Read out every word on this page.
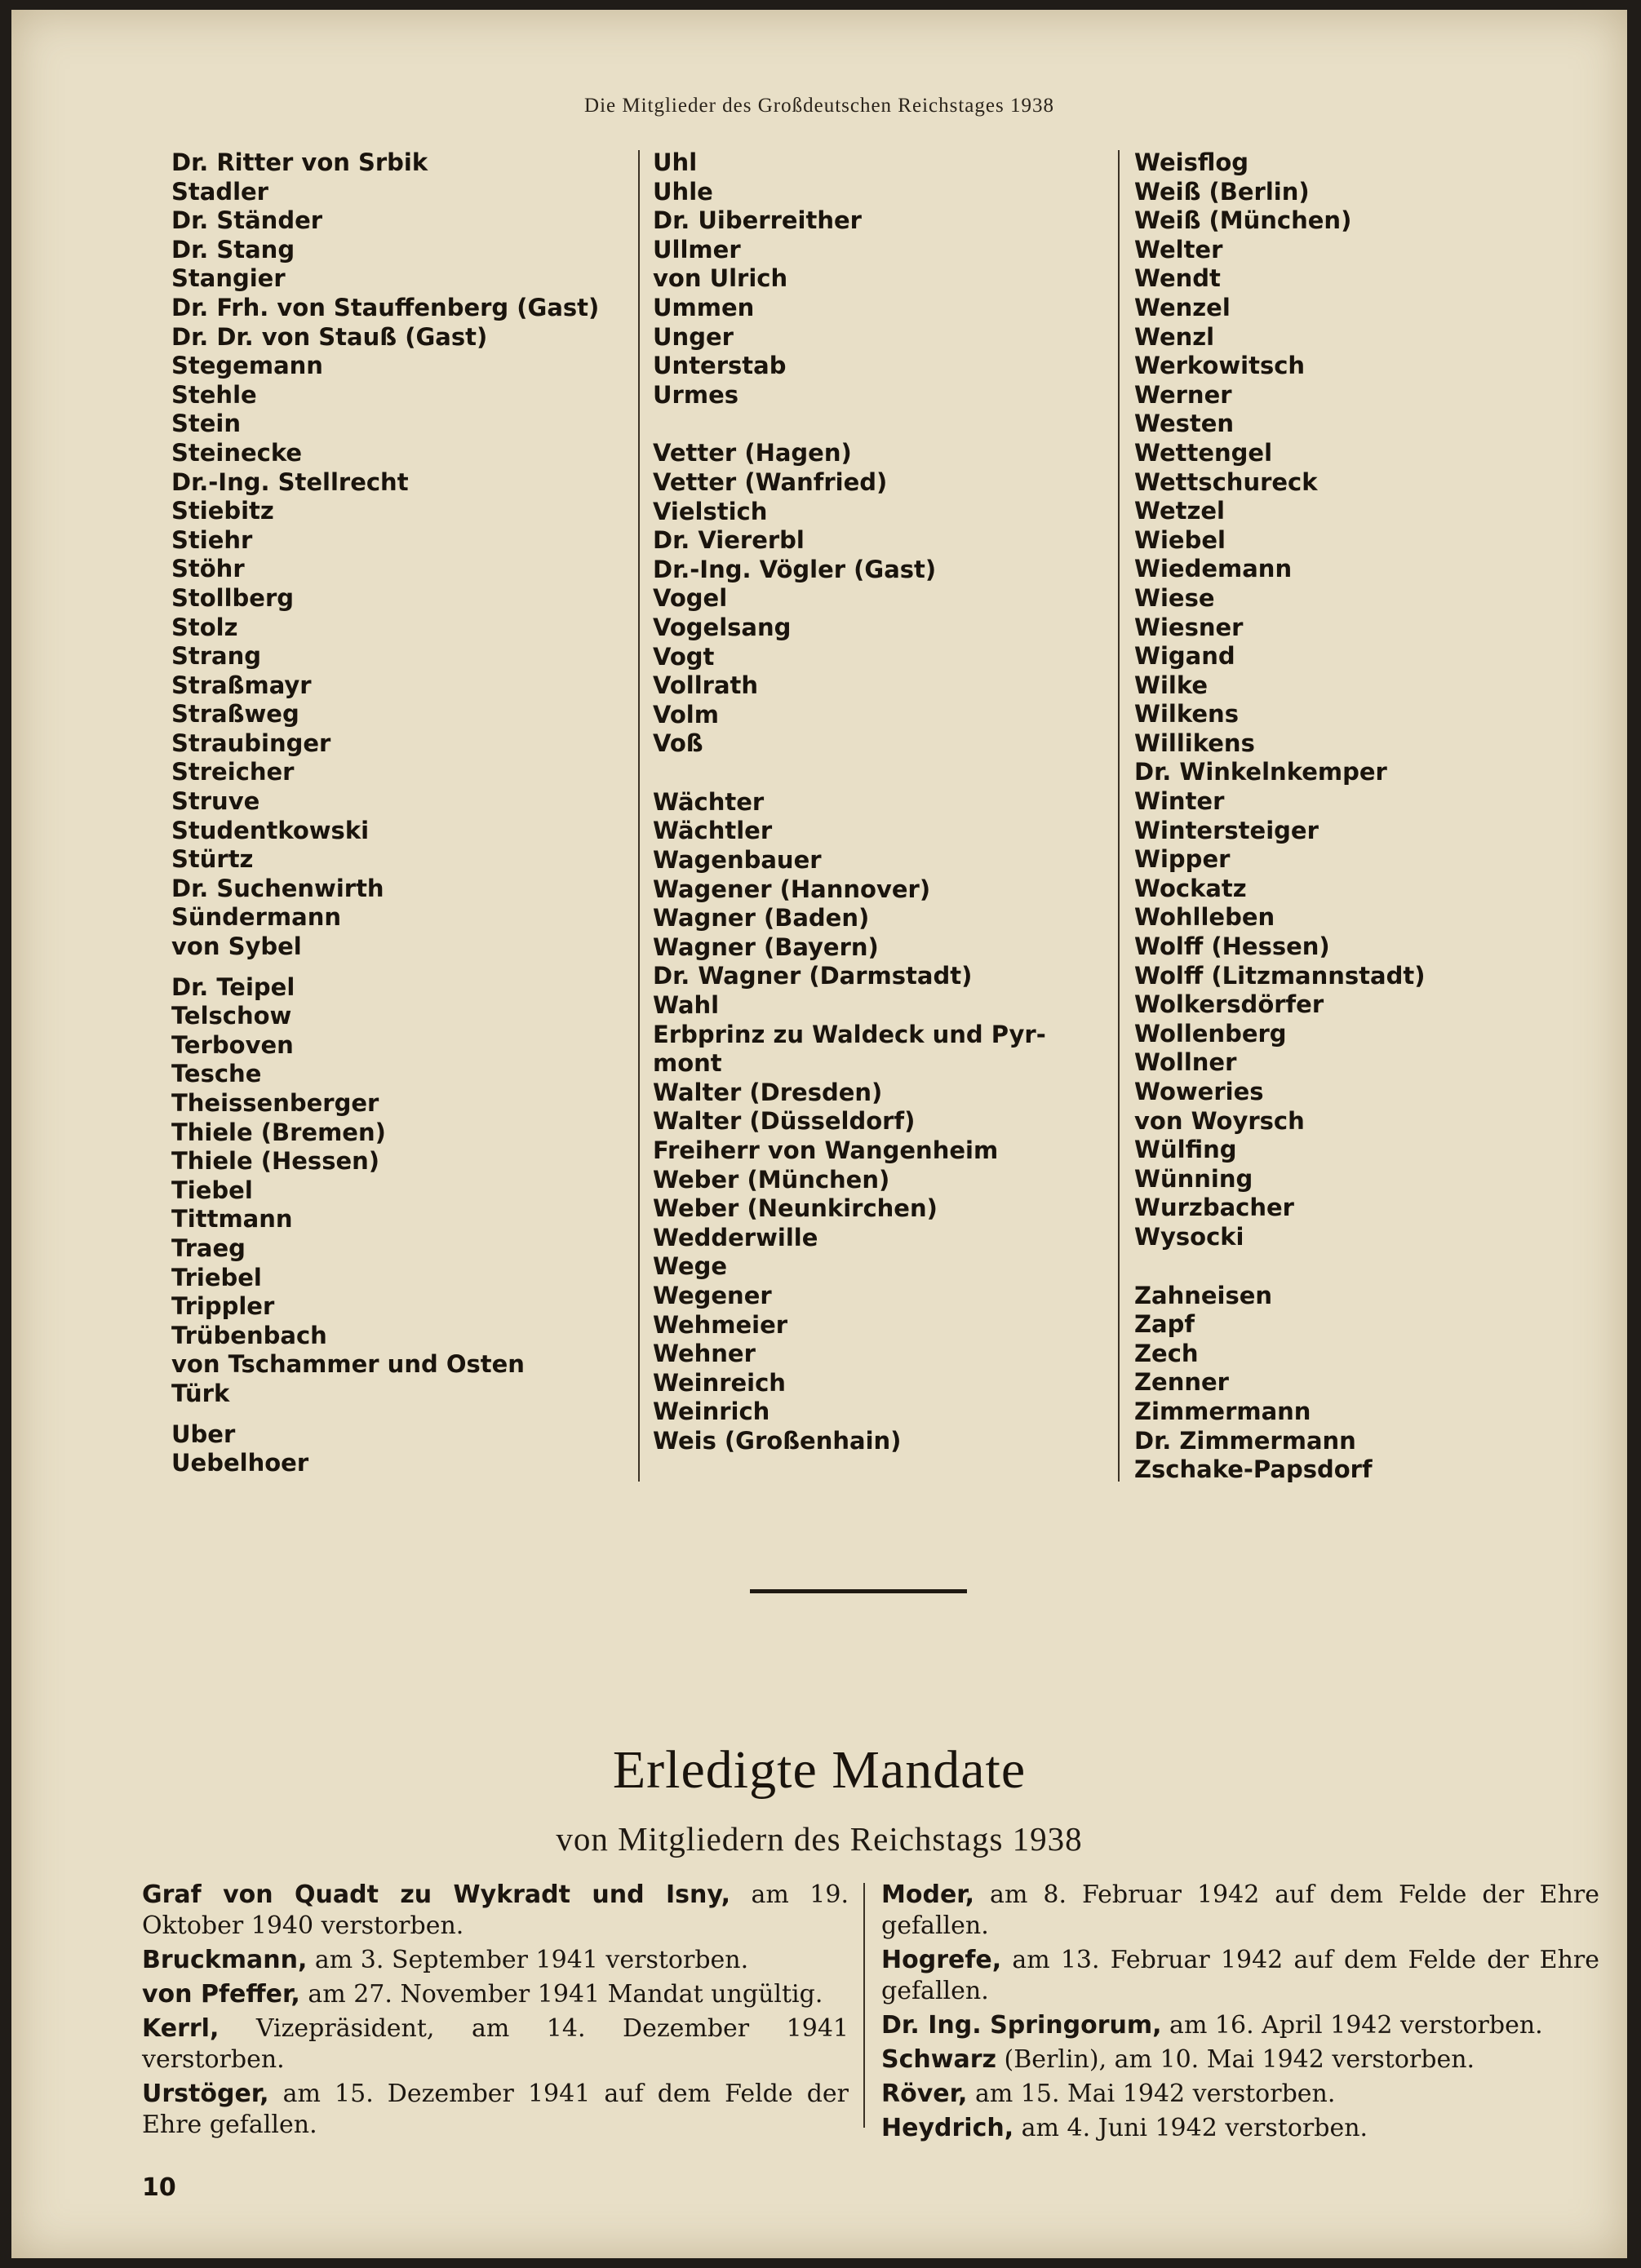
Die Mitglieder des Großdeutschen Reichstages 1938
Dr. Ritter von Srbik
Stadler
Dr. Ständer
Dr. Stang
Stangier
Dr. Frh. von Stauffenberg (Gast)
Dr. Dr. von Stauß (Gast)
Stegemann
Stehle
Stein
Steinecke
Dr.-Ing. Stellrecht
Stiebitz
Stiehr
Stöhr
Stollberg
Stolz
Strang
Straßmayr
Straßweg
Straubinger
Streicher
Struve
Studentkowski
Stürtz
Dr. Suchenwirth
Sündermann
von Sybel
Dr. Teipel
Telschow
Terboven
Tesche
Theissenberger
Thiele (Bremen)
Thiele (Hessen)
Tiebel
Tittmann
Traeg
Triebel
Trippler
Trübenbach
von Tschammer und Osten
Türk
Uber
Uebelhoer
Uhl
Uhle
Dr. Uiberreither
Ullmer
von Ulrich
Ummen
Unger
Unterstab
Urmes
Vetter (Hagen)
Vetter (Wanfried)
Vielstich
Dr. Viererbl
Dr.-Ing. Vögler (Gast)
Vogel
Vogelsang
Vogt
Vollrath
Volm
Voß
Wächter
Wächtler
Wagenbauer
Wagener (Hannover)
Wagner (Baden)
Wagner (Bayern)
Dr. Wagner (Darmstadt)
Wahl
Erbprinz zu Waldeck und Pyr-
mont
Walter (Dresden)
Walter (Düsseldorf)
Freiherr von Wangenheim
Weber (München)
Weber (Neunkirchen)
Wedderwille
Wege
Wegener
Wehmeier
Wehner
Weinreich
Weinrich
Weis (Großenhain)
Weisflog
Weiß (Berlin)
Weiß (München)
Welter
Wendt
Wenzel
Wenzl
Werkowitsch
Werner
Westen
Wettengel
Wettschureck
Wetzel
Wiebel
Wiedemann
Wiese
Wiesner
Wigand
Wilke
Wilkens
Willikens
Dr. Winkelnkemper
Winter
Wintersteiger
Wipper
Wockatz
Wohlleben
Wolff (Hessen)
Wolff (Litzmannstadt)
Wolkersdörfer
Wollenberg
Wollner
Woweries
von Woyrsch
Wülfing
Wünning
Wurzbacher
Wysocki
Zahneisen
Zapf
Zech
Zenner
Zimmermann
Dr. Zimmermann
Zschake-Papsdorf
Erledigte Mandate
von Mitgliedern des Reichstags 1938
Graf von Quadt zu Wykradt und Isny, am 19. Oktober 1940 verstorben.
Bruckmann, am 3. September 1941 verstorben.
von Pfeffer, am 27. November 1941 Mandat ungültig.
Kerrl, Vizepräsident, am 14. Dezember 1941 verstorben.
Urstöger, am 15. Dezember 1941 auf dem Felde der Ehre gefallen.
Moder, am 8. Februar 1942 auf dem Felde der Ehre gefallen.
Hogrefe, am 13. Februar 1942 auf dem Felde der Ehre gefallen.
Dr. Ing. Springorum, am 16. April 1942 verstorben.
Schwarz (Berlin), am 10. Mai 1942 verstorben.
Röver, am 15. Mai 1942 verstorben.
Heydrich, am 4. Juni 1942 verstorben.
10
